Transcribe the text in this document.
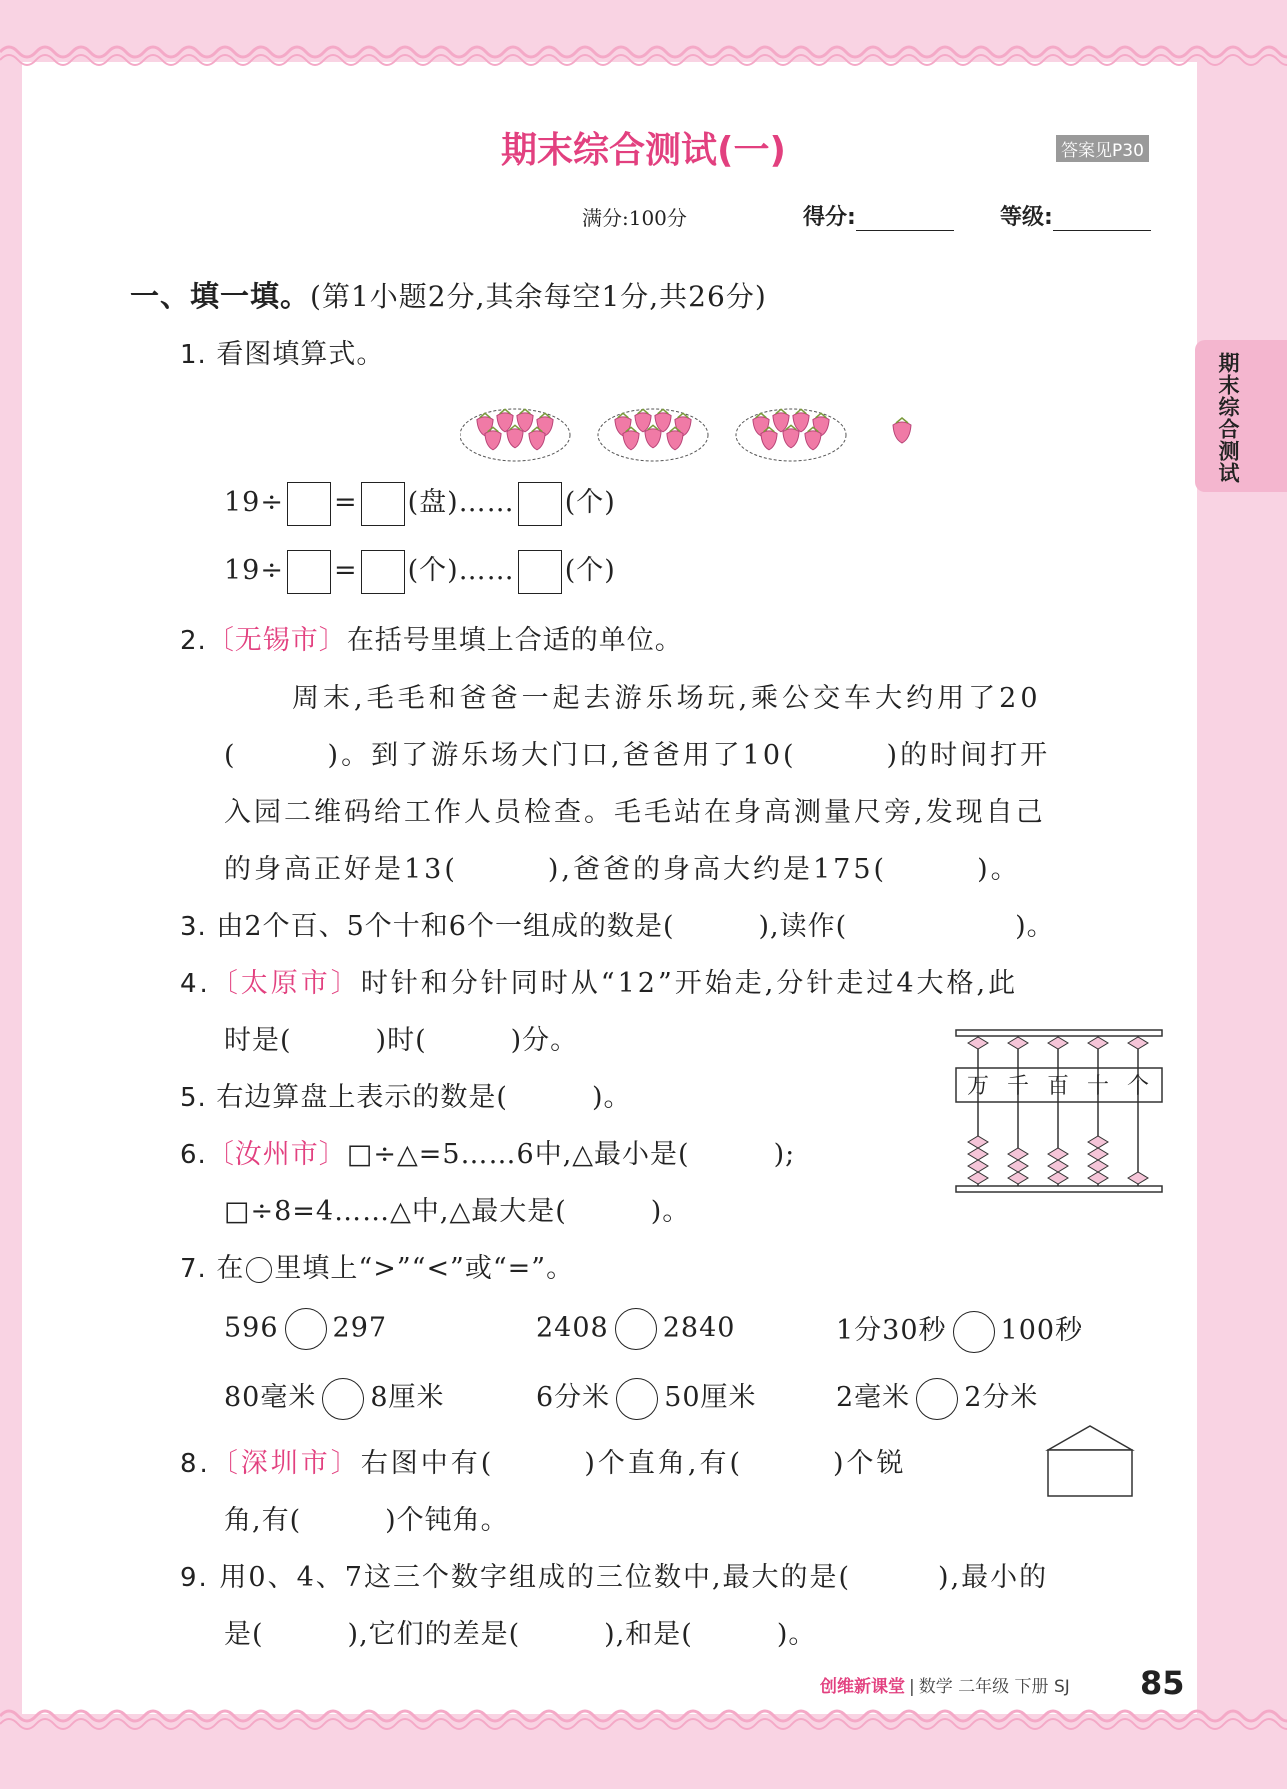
期末综合测试
期末综合测试(一)	答案见P30
满分:100分	得分:	等级:
一、填一填。(第1小题2分,其余每空1分,共26分)
1. 看图填算式。
19÷ = (盘)…… (个)
19÷ = (个)…… (个)
2.〔无锡市〕在括号里填上合适的单位。
周末,毛毛和爸爸一起去游乐场玩,乘公交车大约用了20
(　　　)。到了游乐场大门口,爸爸用了10(　　　)的时间打开
入园二维码给工作人员检查。毛毛站在身高测量尺旁,发现自己
的身高正好是13(　　　),爸爸的身高大约是175(　　　)。
3. 由2个百、5个十和6个一组成的数是(　　　),读作(　　　　　　)。
4.〔太原市〕时针和分针同时从“12”开始走,分针走过4大格,此
时是(　　　)时(　　　)分。
5. 右边算盘上表示的数是(　　　)。	万 千 百 十 个
6.〔汝州市〕□÷△=5……6中,△最小是(　　　);
□÷8=4……△中,△最大是(　　　)。
7. 在 里填上“>”“<”或“=”。
596 297	2408 2840	1分30秒 100秒
80毫米 8厘米	6分米 50厘米	2毫米 2分米
8.〔深圳市〕右图中有(　　　)个直角,有(　　　)个锐
角,有(　　　)个钝角。
9. 用0、4、7这三个数字组成的三位数中,最大的是(　　　),最小的
是(　　　),它们的差是(　　　),和是(　　　)。
创维新课堂 | 数学 二年级 下册 SJ 85
